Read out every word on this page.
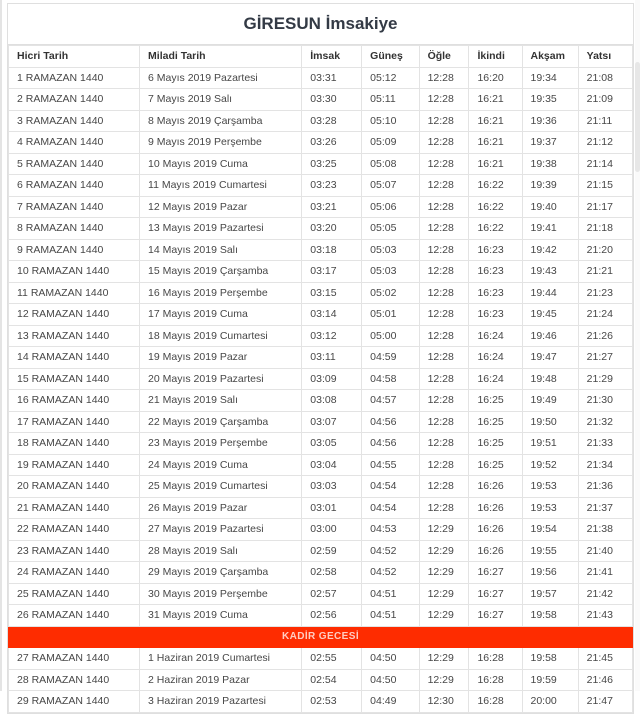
GİRESUN İmsakiye
Hicri Tarih	Miladi Tarih	İmsak	Güneş	Öğle	İkindi	Akşam	Yatsı
1 RAMAZAN 1440	6 Mayıs 2019 Pazartesi	03:31	05:12	12:28	16:20	19:34	21:08
2 RAMAZAN 1440	7 Mayıs 2019 Salı	03:30	05:11	12:28	16:21	19:35	21:09
3 RAMAZAN 1440	8 Mayıs 2019 Çarşamba	03:28	05:10	12:28	16:21	19:36	21:11
4 RAMAZAN 1440	9 Mayıs 2019 Perşembe	03:26	05:09	12:28	16:21	19:37	21:12
5 RAMAZAN 1440	10 Mayıs 2019 Cuma	03:25	05:08	12:28	16:21	19:38	21:14
6 RAMAZAN 1440	11 Mayıs 2019 Cumartesi	03:23	05:07	12:28	16:22	19:39	21:15
7 RAMAZAN 1440	12 Mayıs 2019 Pazar	03:21	05:06	12:28	16:22	19:40	21:17
8 RAMAZAN 1440	13 Mayıs 2019 Pazartesi	03:20	05:05	12:28	16:22	19:41	21:18
9 RAMAZAN 1440	14 Mayıs 2019 Salı	03:18	05:03	12:28	16:23	19:42	21:20
10 RAMAZAN 1440	15 Mayıs 2019 Çarşamba	03:17	05:03	12:28	16:23	19:43	21:21
11 RAMAZAN 1440	16 Mayıs 2019 Perşembe	03:15	05:02	12:28	16:23	19:44	21:23
12 RAMAZAN 1440	17 Mayıs 2019 Cuma	03:14	05:01	12:28	16:23	19:45	21:24
13 RAMAZAN 1440	18 Mayıs 2019 Cumartesi	03:12	05:00	12:28	16:24	19:46	21:26
14 RAMAZAN 1440	19 Mayıs 2019 Pazar	03:11	04:59	12:28	16:24	19:47	21:27
15 RAMAZAN 1440	20 Mayıs 2019 Pazartesi	03:09	04:58	12:28	16:24	19:48	21:29
16 RAMAZAN 1440	21 Mayıs 2019 Salı	03:08	04:57	12:28	16:25	19:49	21:30
17 RAMAZAN 1440	22 Mayıs 2019 Çarşamba	03:07	04:56	12:28	16:25	19:50	21:32
18 RAMAZAN 1440	23 Mayıs 2019 Perşembe	03:05	04:56	12:28	16:25	19:51	21:33
19 RAMAZAN 1440	24 Mayıs 2019 Cuma	03:04	04:55	12:28	16:25	19:52	21:34
20 RAMAZAN 1440	25 Mayıs 2019 Cumartesi	03:03	04:54	12:28	16:26	19:53	21:36
21 RAMAZAN 1440	26 Mayıs 2019 Pazar	03:01	04:54	12:28	16:26	19:53	21:37
22 RAMAZAN 1440	27 Mayıs 2019 Pazartesi	03:00	04:53	12:29	16:26	19:54	21:38
23 RAMAZAN 1440	28 Mayıs 2019 Salı	02:59	04:52	12:29	16:26	19:55	21:40
24 RAMAZAN 1440	29 Mayıs 2019 Çarşamba	02:58	04:52	12:29	16:27	19:56	21:41
25 RAMAZAN 1440	30 Mayıs 2019 Perşembe	02:57	04:51	12:29	16:27	19:57	21:42
26 RAMAZAN 1440	31 Mayıs 2019 Cuma	02:56	04:51	12:29	16:27	19:58	21:43
KADİR GECESİ							
27 RAMAZAN 1440	1 Haziran 2019 Cumartesi	02:55	04:50	12:29	16:28	19:58	21:45
28 RAMAZAN 1440	2 Haziran 2019 Pazar	02:54	04:50	12:29	16:28	19:59	21:46
29 RAMAZAN 1440	3 Haziran 2019 Pazartesi	02:53	04:49	12:30	16:28	20:00	21:47
